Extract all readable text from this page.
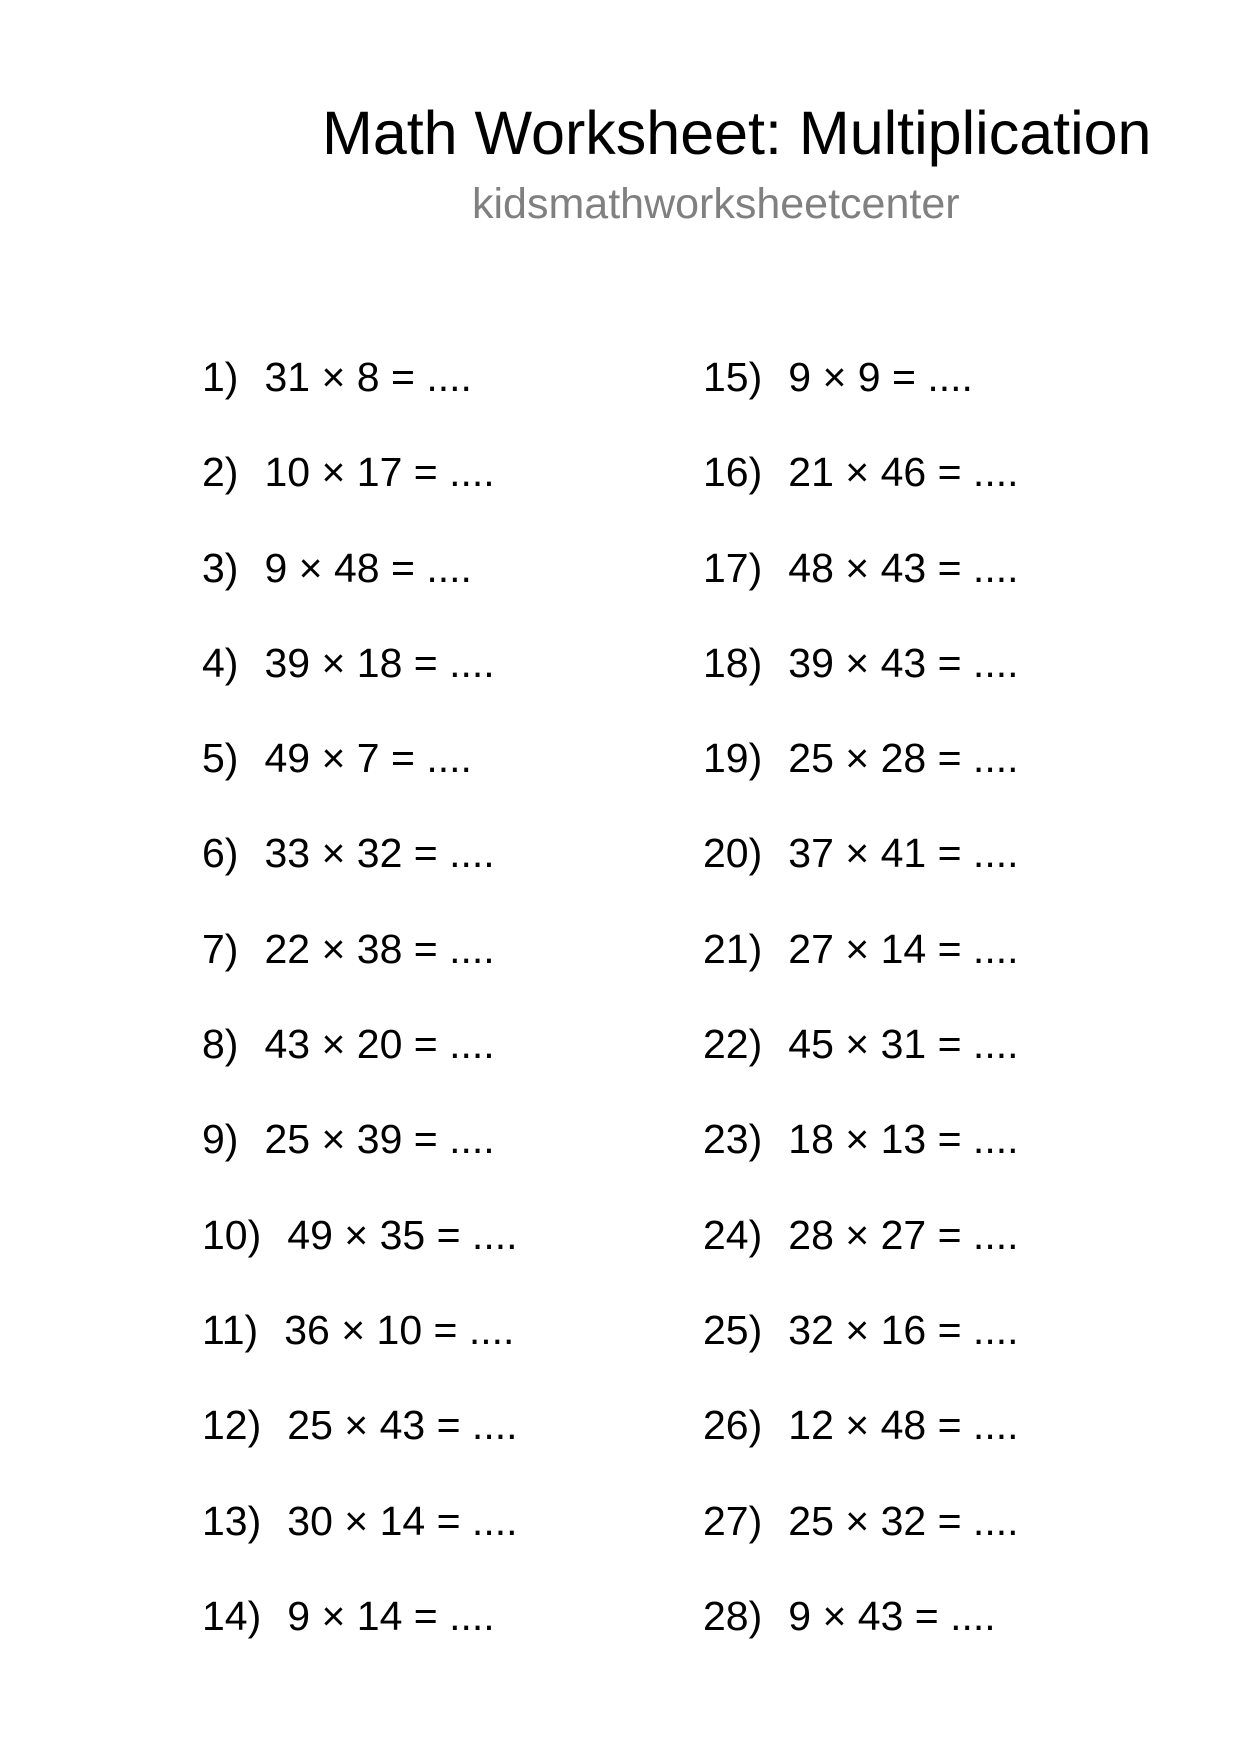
Math Worksheet: Multiplication
kidsmathworksheetcenter
1) 31 × 8 = ....
2) 10 × 17 = ....
3) 9 × 48 = ....
4) 39 × 18 = ....
5) 49 × 7 = ....
6) 33 × 32 = ....
7) 22 × 38 = ....
8) 43 × 20 = ....
9) 25 × 39 = ....
10) 49 × 35 = ....
11) 36 × 10 = ....
12) 25 × 43 = ....
13) 30 × 14 = ....
14) 9 × 14 = ....
15) 9 × 9 = ....
16) 21 × 46 = ....
17) 48 × 43 = ....
18) 39 × 43 = ....
19) 25 × 28 = ....
20) 37 × 41 = ....
21) 27 × 14 = ....
22) 45 × 31 = ....
23) 18 × 13 = ....
24) 28 × 27 = ....
25) 32 × 16 = ....
26) 12 × 48 = ....
27) 25 × 32 = ....
28) 9 × 43 = ....
